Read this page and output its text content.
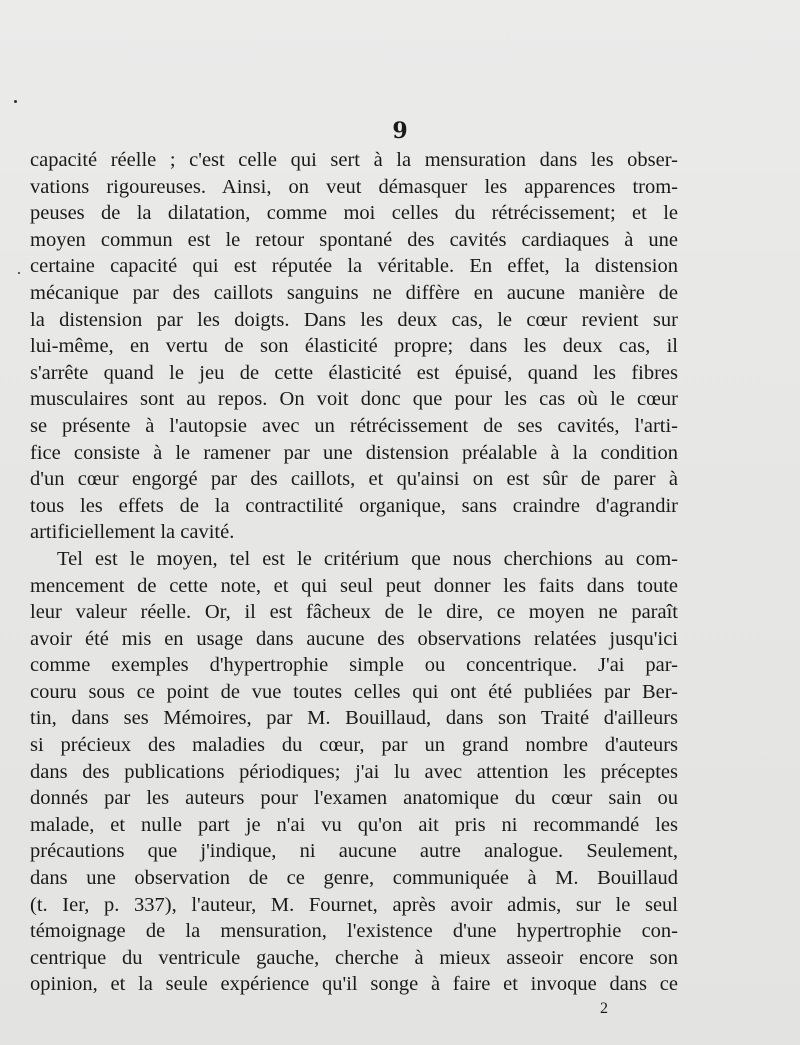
9
capacité réelle ; c'est celle qui sert à la mensuration dans les obser-
vations rigoureuses. Ainsi, on veut démasquer les apparences trom-
peuses de la dilatation, comme moi celles du rétrécissement; et le
moyen commun est le retour spontané des cavités cardiaques à une
certaine capacité qui est réputée la véritable. En effet, la distension
mécanique par des caillots sanguins ne diffère en aucune manière de
la distension par les doigts. Dans les deux cas, le cœur revient sur
lui-même, en vertu de son élasticité propre; dans les deux cas, il
s'arrête quand le jeu de cette élasticité est épuisé, quand les fibres
musculaires sont au repos. On voit donc que pour les cas où le cœur
se présente à l'autopsie avec un rétrécissement de ses cavités, l'arti-
fice consiste à le ramener par une distension préalable à la condition
d'un cœur engorgé par des caillots, et qu'ainsi on est sûr de parer à
tous les effets de la contractilité organique, sans craindre d'agrandir
artificiellement la cavité.
Tel est le moyen, tel est le critérium que nous cherchions au com-
mencement de cette note, et qui seul peut donner les faits dans toute
leur valeur réelle. Or, il est fâcheux de le dire, ce moyen ne paraît
avoir été mis en usage dans aucune des observations relatées jusqu'ici
comme exemples d'hypertrophie simple ou concentrique. J'ai par-
couru sous ce point de vue toutes celles qui ont été publiées par Ber-
tin, dans ses Mémoires, par M. Bouillaud, dans son Traité d'ailleurs
si précieux des maladies du cœur, par un grand nombre d'auteurs
dans des publications périodiques; j'ai lu avec attention les préceptes
donnés par les auteurs pour l'examen anatomique du cœur sain ou
malade, et nulle part je n'ai vu qu'on ait pris ni recommandé les
précautions que j'indique, ni aucune autre analogue. Seulement,
dans une observation de ce genre, communiquée à M. Bouillaud
(t. Ier, p. 337), l'auteur, M. Fournet, après avoir admis, sur le seul
témoignage de la mensuration, l'existence d'une hypertrophie con-
centrique du ventricule gauche, cherche à mieux asseoir encore son
opinion, et la seule expérience qu'il songe à faire et invoque dans ce
2
